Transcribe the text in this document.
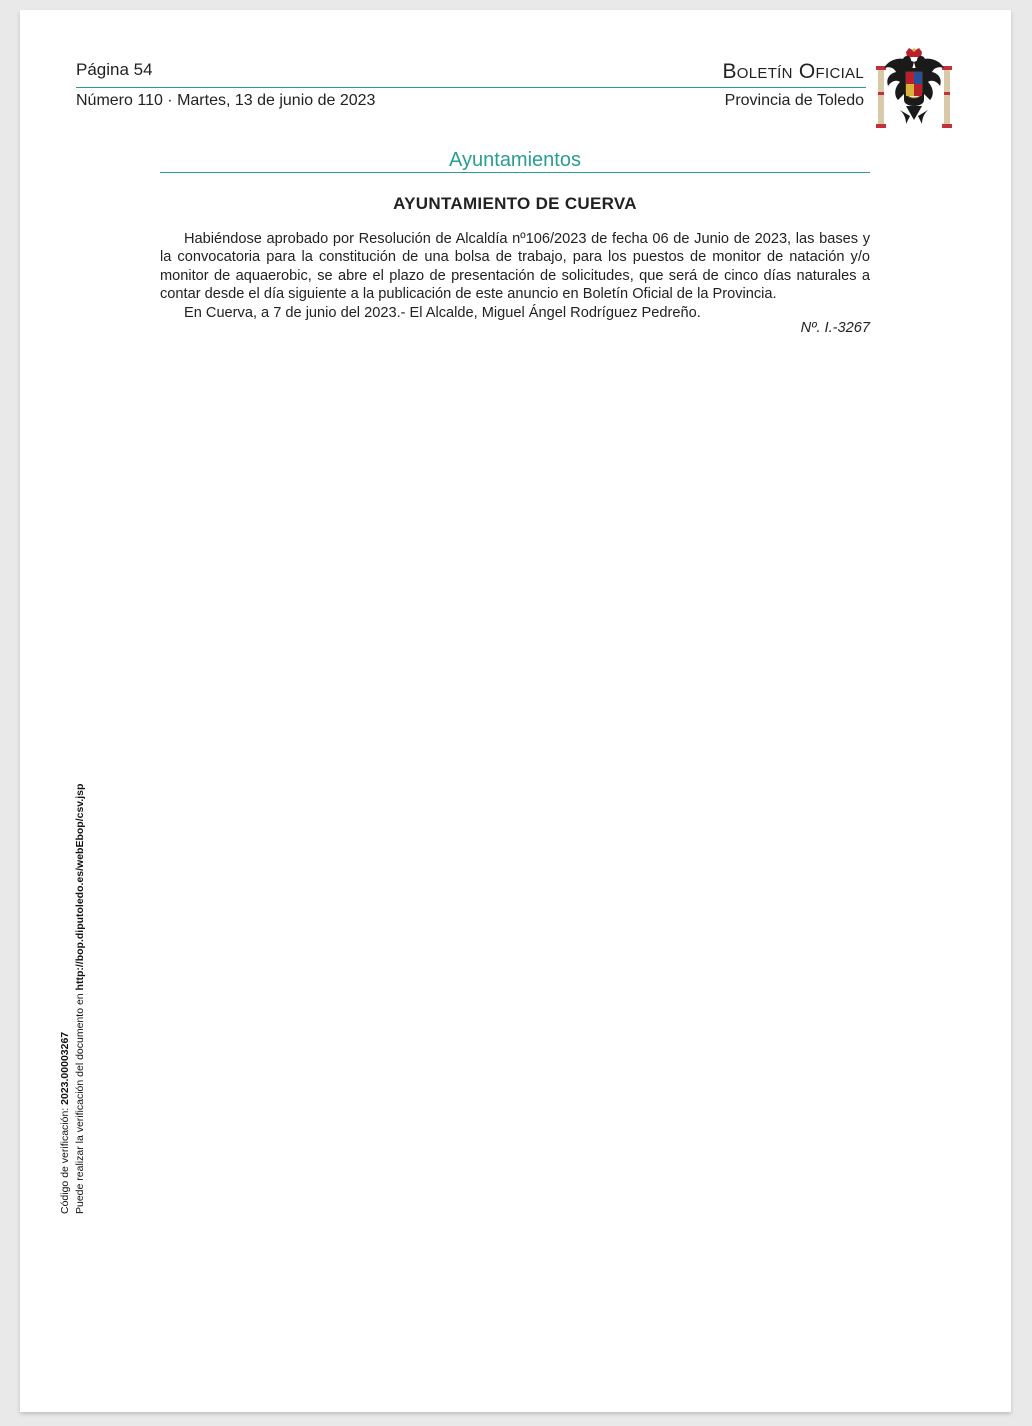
Página 54
Número 110 · Martes, 13 de junio de 2023
Boletín Oficial
Provincia de Toledo
Ayuntamientos
AYUNTAMIENTO DE CUERVA

Habiéndose aprobado por Resolución de Alcaldía nº106/2023 de fecha 06 de Junio de 2023, las bases y la convocatoria para la constitución de una bolsa de trabajo, para los puestos de monitor de natación y/o monitor de aquaerobic, se abre el plazo de presentación de solicitudes, que será de cinco días naturales a contar desde el día siguiente a la publicación de este anuncio en Boletín Oficial de la Provincia.

En Cuerva, a 7 de junio del 2023.- El Alcalde, Miguel Ángel Rodríguez Pedreño.

Nº. I.-3267
Código de verificación: 2023.00003267 Puede realizar la verificación del documento en http://bop.diputoledo.es/webEbop/csv.jsp
